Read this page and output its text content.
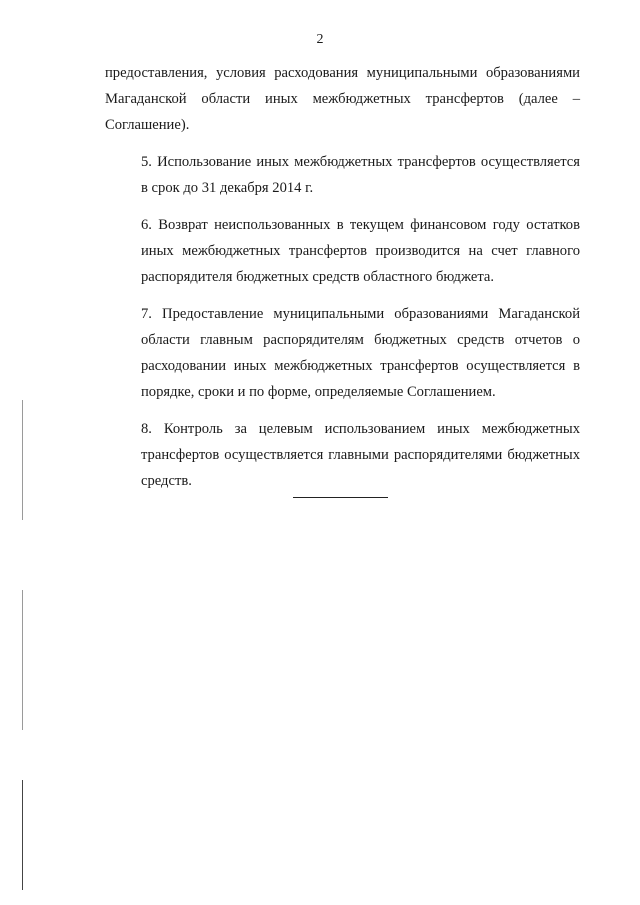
2

предоставления, условия расходования муниципальными образованиями
Магаданской области иных межбюджетных трансфертов (далее –
Соглашение).

5. Использование иных межбюджетных трансфертов осуществляется
в срок до 31 декабря 2014 г.

6. Возврат неиспользованных в текущем финансовом году остатков
иных межбюджетных трансфертов производится на счет главного
распорядителя бюджетных средств областного бюджета.

7. Предоставление муниципальными образованиями Магаданской
области главным распорядителям бюджетных средств отчетов о
расходовании иных межбюджетных трансфертов осуществляется в
порядке, сроки и по форме, определяемые Соглашением.

8. Контроль за целевым использованием иных межбюджетных
трансфертов осуществляется главными распорядителями бюджетных
средств.
